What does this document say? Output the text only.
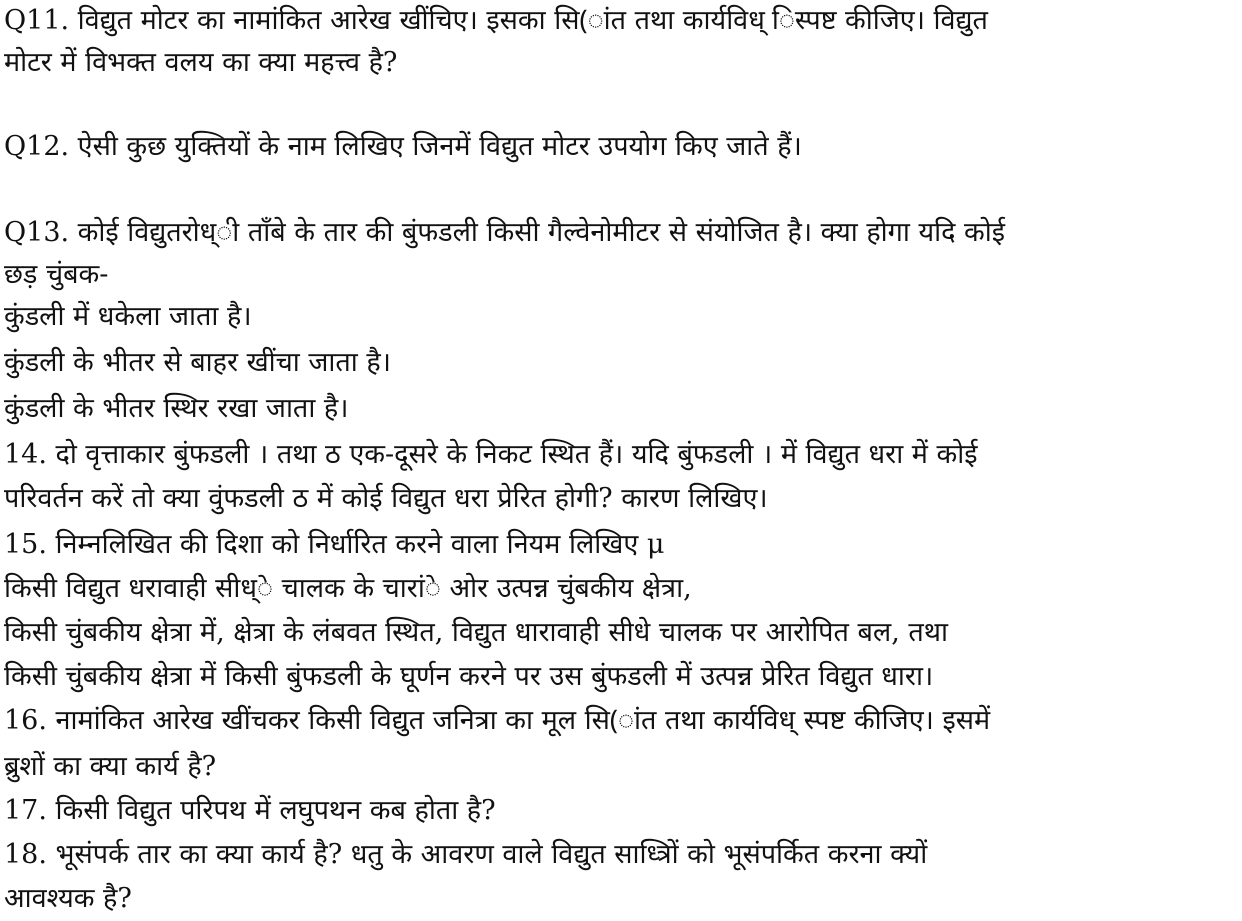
Q11. विद्युत मोटर का नामांकित आरेख खींचिए। इसका सि(ांत तथा कार्यविध् िस्पष्ट कीजिए। विद्युत
मोटर में विभक्त वलय का क्या महत्त्व है?
Q12. ऐसी कुछ युक्तियों के नाम लिखिए जिनमें विद्युत मोटर उपयोग किए जाते हैं।
Q13. कोई विद्युतरोध्ी ताँबे के तार की बुंफडली किसी गैल्वेनोमीटर से संयोजित है। क्या होगा यदि कोई
छड़ चुंबक-
कुंडली में धकेला जाता है।
कुंडली के भीतर से बाहर खींचा जाता है।
कुंडली के भीतर स्थिर रखा जाता है।
14. दो वृत्ताकार बुंफडली । तथा ठ एक-दूसरे के निकट स्थित हैं। यदि बुंफडली । में विद्युत धरा में कोई
परिवर्तन करें तो क्या वुंफडली ठ में कोई विद्युत धरा प्रेरित होगी? कारण लिखिए।
15. निम्नलिखित की दिशा को निर्धारित करने वाला नियम लिखिए μ
किसी विद्युत धरावाही सीध्े चालक के चारांे ओर उत्पन्न चुंबकीय क्षेत्रा,
किसी चुंबकीय क्षेत्रा में, क्षेत्रा के लंबवत स्थित, विद्युत धारावाही सीधे चालक पर आरोपित बल, तथा
किसी चुंबकीय क्षेत्रा में किसी बुंफडली के घूर्णन करने पर उस बुंफडली में उत्पन्न प्रेरित विद्युत धारा।
16. नामांकित आरेख खींचकर किसी विद्युत जनित्रा का मूल सि(ांत तथा कार्यविध् स्पष्ट कीजिए। इसमें
ब्रुशों का क्या कार्य है?
17. किसी विद्युत परिपथ में लघुपथन कब होता है?
18. भूसंपर्क तार का क्या कार्य है? धतु के आवरण वाले विद्युत साध्त्रिों को भूसंपर्कित करना क्यों
आवश्यक है?
